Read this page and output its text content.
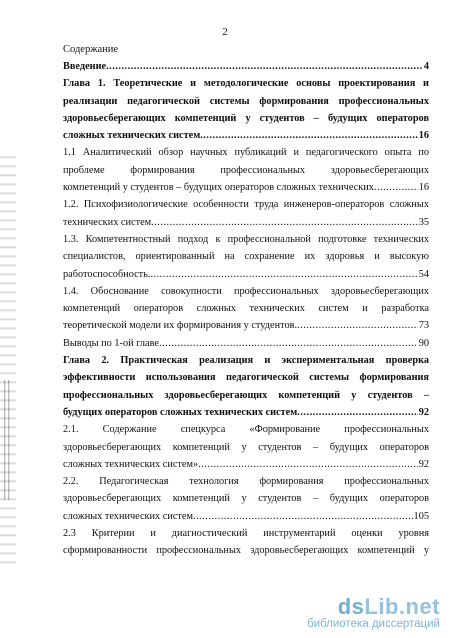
2
Содержание
Введение .....	4
Глава 1. Теоретические и методологические основы проектирования и
реализации педагогической системы формирования профессиональных
здоровьесберегающих компетенций у студентов – будущих операторов
сложных технических систем .....	16
1.1 Аналитический обзор научных публикаций и педагогического опыта по
проблеме формирования профессиональных здоровьесберегающих
компетенций у студентов – будущих операторов сложных технических .....	16
1.2. Психофизиологические особенности труда инженеров-операторов сложных
технических систем .....	35
1.3. Компетентностный подход к профессиональной подготовке технических
специалистов, ориентированный на сохранение их здоровья и высокую
работоспособность. .....	54
1.4. Обоснование совокупности профессиональных здоровьесберегающих
компетенций операторов сложных технических систем и разработка
теоретической модели их формирования у студентов. .....	73
Выводы по 1-ой главе .....	90
Глава 2. Практическая реализация и экспериментальная проверка
эффективности использования педагогической системы формирования
профессиональных здоровьесберегающих компетенций у студентов –
будущих операторов сложных технических систем .....	92
2.1. Содержание спецкурса «Формирование профессиональных
здоровьесберегающих компетенций у студентов – будущих операторов
сложных технических систем» .....	92
2.2. Педагогическая технология формирования профессиональных
здоровьесберегающих компетенций у студентов – будущих операторов
сложных технических систем .....	105
2.3 Критерии и диагностический инструментарий оценки уровня
сформированности профессиональных здоровьесберегающих компетенций у
dsLib.net
библиотека диссертаций
